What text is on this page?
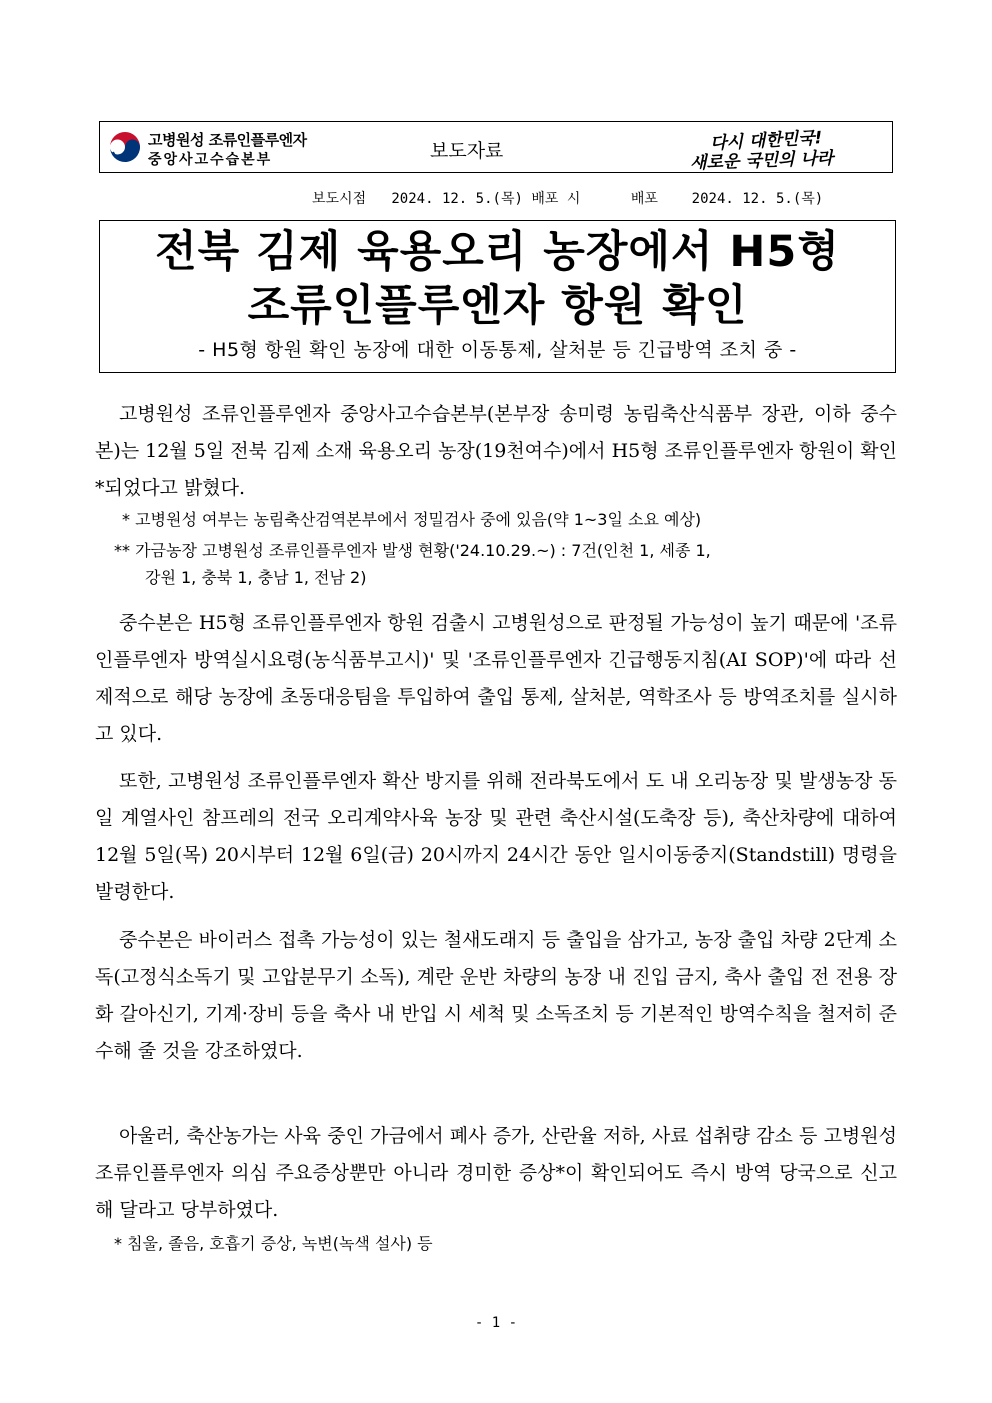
고병원성 조류인플루엔자
중앙사고수습본부	보도자료	다시 대한민국!
새로운 국민의 나라
보도시점   2024. 12. 5.(목) 배포 시      배포    2024. 12. 5.(목)
전북 김제 육용오리 농장에서 H5형
조류인플루엔자 항원 확인
- H5형 항원 확인 농장에 대한 이동통제, 살처분 등 긴급방역 조치 중 -

고병원성 조류인플루엔자 중앙사고수습본부(본부장 송미령 농림축산식품부 장관, 이하 중수본)는 12월 5일 전북 김제 소재 육용오리 농장(19천여수)에서 H5형 조류인플루엔자 항원이 확인*되었다고 밝혔다.

* 고병원성 여부는 농림축산검역본부에서 정밀검사 중에 있음(약 1~3일 소요 예상)
** 가금농장 고병원성 조류인플루엔자 발생 현황('24.10.29.~) : 7건(인천 1, 세종 1,
강원 1, 충북 1, 충남 1, 전남 2)

중수본은 H5형 조류인플루엔자 항원 검출시 고병원성으로 판정될 가능성이 높기 때문에 '조류인플루엔자 방역실시요령(농식품부고시)' 및 '조류인플루엔자 긴급행동지침(AI SOP)'에 따라 선제적으로 해당 농장에 초동대응팀을 투입하여 출입 통제, 살처분, 역학조사 등 방역조치를 실시하고 있다.

또한, 고병원성 조류인플루엔자 확산 방지를 위해 전라북도에서 도 내 오리농장 및 발생농장 동일 계열사인 참프레의 전국 오리계약사육 농장 및 관련 축산시설(도축장 등), 축산차량에 대하여 12월 5일(목) 20시부터 12월 6일(금) 20시까지 24시간 동안 일시이동중지(Standstill) 명령을 발령한다.

중수본은 바이러스 접촉 가능성이 있는 철새도래지 등 출입을 삼가고, 농장 출입 차량 2단계 소독(고정식소독기 및 고압분무기 소독), 계란 운반 차량의 농장 내 진입 금지, 축사 출입 전 전용 장화 갈아신기, 기계·장비 등을 축사 내 반입 시 세척 및 소독조치 등 기본적인 방역수칙을 철저히 준수해 줄 것을 강조하였다.

아울러, 축산농가는 사육 중인 가금에서 폐사 증가, 산란율 저하, 사료 섭취량 감소 등 고병원성 조류인플루엔자 의심 주요증상뿐만 아니라 경미한 증상*이 확인되어도 즉시 방역 당국으로 신고해 달라고 당부하였다.

* 침울, 졸음, 호흡기 증상, 녹변(녹색 설사) 등
- 1 -
